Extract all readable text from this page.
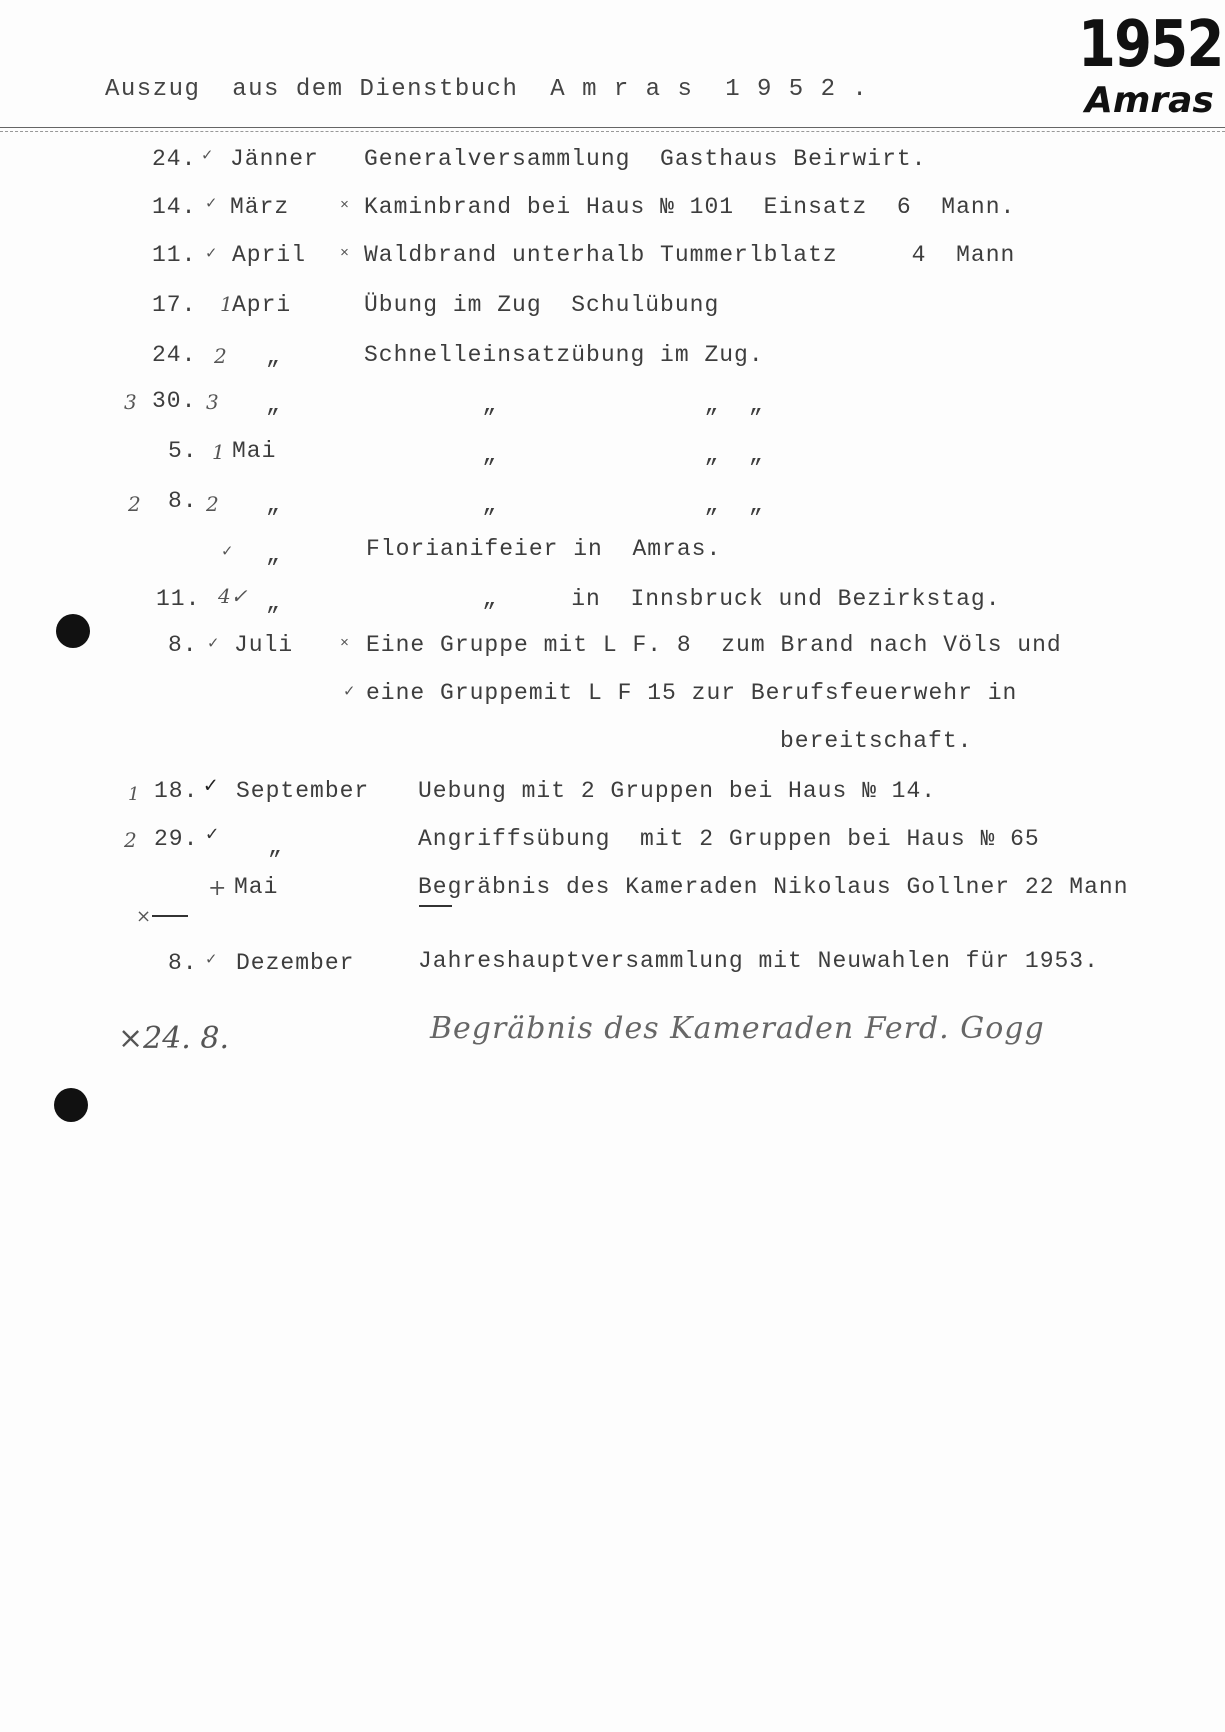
Auszug  aus dem Dienstbuch  A m r a s  1 9 5 2 .
1952
Amras
24. ✓ Jänner Generalversammlung  Gasthaus Beirwirt.
14. ✓ März	× Kaminbrand bei Haus № 101  Einsatz  6  Mann.
11. ✓ April × Waldbrand unterhalb Tummerlblatz     4  Mann
17. 1 Apri	Übung im Zug  Schulübung
24. 2 „	Schnelleinsatzübung im Zug.
3 30. 3 „	„              „  „
5. 1 Mai	„              „  „
2 8. 2 „	„              „  „
✓ „	Florianifeier in  Amras.
11. 4✓ „	„     in  Innsbruck und Bezirkstag.
8. ✓ Juli	× Eine Gruppe mit L F. 8  zum Brand nach Völs und
✓ eine Gruppemit L F 15 zur Berufsfeuerwehr in
bereitschaft.
1 18. ✓ September Uebung mit 2 Gruppen bei Haus № 14.
2 29. ✓ „	Angriffsübung  mit 2 Gruppen bei Haus № 65
+ Mai	Begräbnis des Kameraden Nikolaus Gollner 22 Mann
×
8. ✓ Dezember	Jahreshauptversammlung mit Neuwahlen für 1953.
×24. 8.	Begräbnis des Kameraden Ferd. Gogg
